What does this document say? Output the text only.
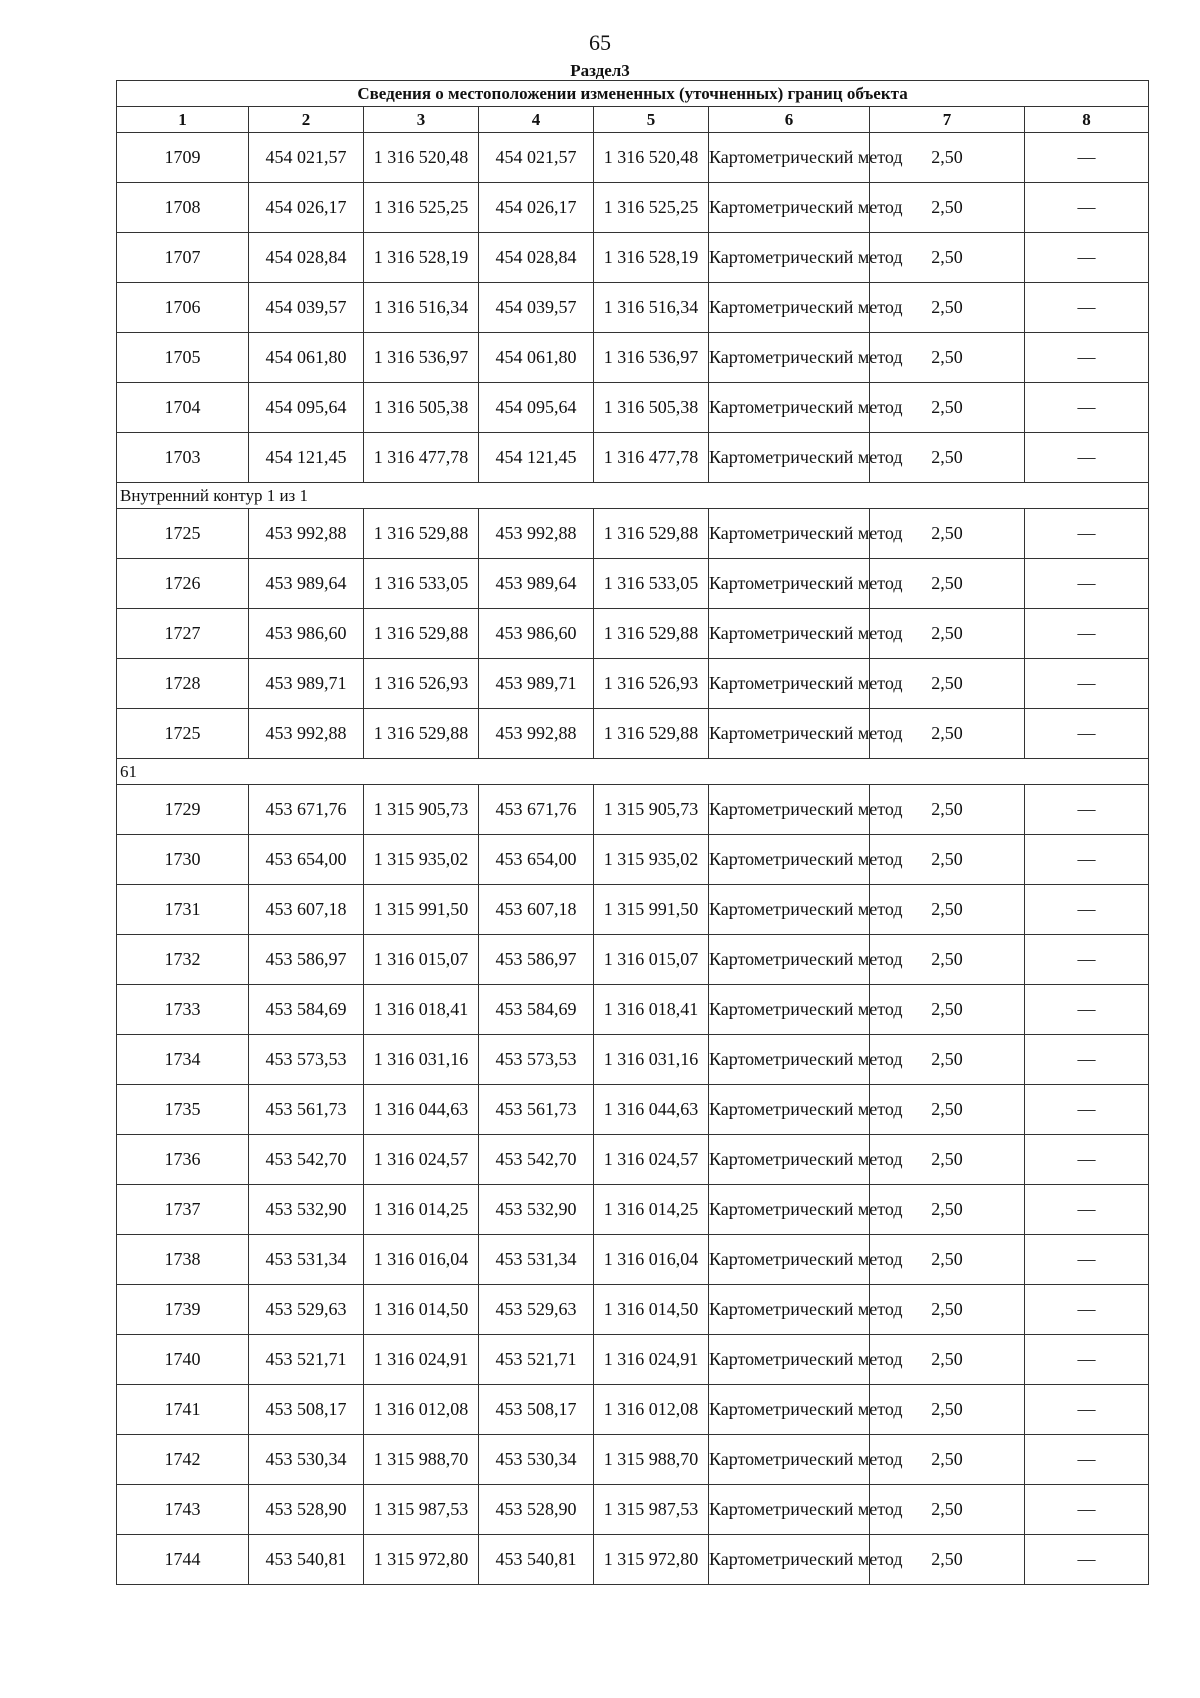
65
Раздел3
Сведения о местоположении измененных (уточненных) границ объекта							
1	2	3	4	5	6	7	8
1709	454 021,57	1 316 520,48	454 021,57	1 316 520,48	Картометрический метод	2,50	—
1708	454 026,17	1 316 525,25	454 026,17	1 316 525,25	Картометрический метод	2,50	—
1707	454 028,84	1 316 528,19	454 028,84	1 316 528,19	Картометрический метод	2,50	—
1706	454 039,57	1 316 516,34	454 039,57	1 316 516,34	Картометрический метод	2,50	—
1705	454 061,80	1 316 536,97	454 061,80	1 316 536,97	Картометрический метод	2,50	—
1704	454 095,64	1 316 505,38	454 095,64	1 316 505,38	Картометрический метод	2,50	—
1703	454 121,45	1 316 477,78	454 121,45	1 316 477,78	Картометрический метод	2,50	—
Внутренний контур 1 из 1							
1725	453 992,88	1 316 529,88	453 992,88	1 316 529,88	Картометрический метод	2,50	—
1726	453 989,64	1 316 533,05	453 989,64	1 316 533,05	Картометрический метод	2,50	—
1727	453 986,60	1 316 529,88	453 986,60	1 316 529,88	Картометрический метод	2,50	—
1728	453 989,71	1 316 526,93	453 989,71	1 316 526,93	Картометрический метод	2,50	—
1725	453 992,88	1 316 529,88	453 992,88	1 316 529,88	Картометрический метод	2,50	—
61							
1729	453 671,76	1 315 905,73	453 671,76	1 315 905,73	Картометрический метод	2,50	—
1730	453 654,00	1 315 935,02	453 654,00	1 315 935,02	Картометрический метод	2,50	—
1731	453 607,18	1 315 991,50	453 607,18	1 315 991,50	Картометрический метод	2,50	—
1732	453 586,97	1 316 015,07	453 586,97	1 316 015,07	Картометрический метод	2,50	—
1733	453 584,69	1 316 018,41	453 584,69	1 316 018,41	Картометрический метод	2,50	—
1734	453 573,53	1 316 031,16	453 573,53	1 316 031,16	Картометрический метод	2,50	—
1735	453 561,73	1 316 044,63	453 561,73	1 316 044,63	Картометрический метод	2,50	—
1736	453 542,70	1 316 024,57	453 542,70	1 316 024,57	Картометрический метод	2,50	—
1737	453 532,90	1 316 014,25	453 532,90	1 316 014,25	Картометрический метод	2,50	—
1738	453 531,34	1 316 016,04	453 531,34	1 316 016,04	Картометрический метод	2,50	—
1739	453 529,63	1 316 014,50	453 529,63	1 316 014,50	Картометрический метод	2,50	—
1740	453 521,71	1 316 024,91	453 521,71	1 316 024,91	Картометрический метод	2,50	—
1741	453 508,17	1 316 012,08	453 508,17	1 316 012,08	Картометрический метод	2,50	—
1742	453 530,34	1 315 988,70	453 530,34	1 315 988,70	Картометрический метод	2,50	—
1743	453 528,90	1 315 987,53	453 528,90	1 315 987,53	Картометрический метод	2,50	—
1744	453 540,81	1 315 972,80	453 540,81	1 315 972,80	Картометрический метод	2,50	—
